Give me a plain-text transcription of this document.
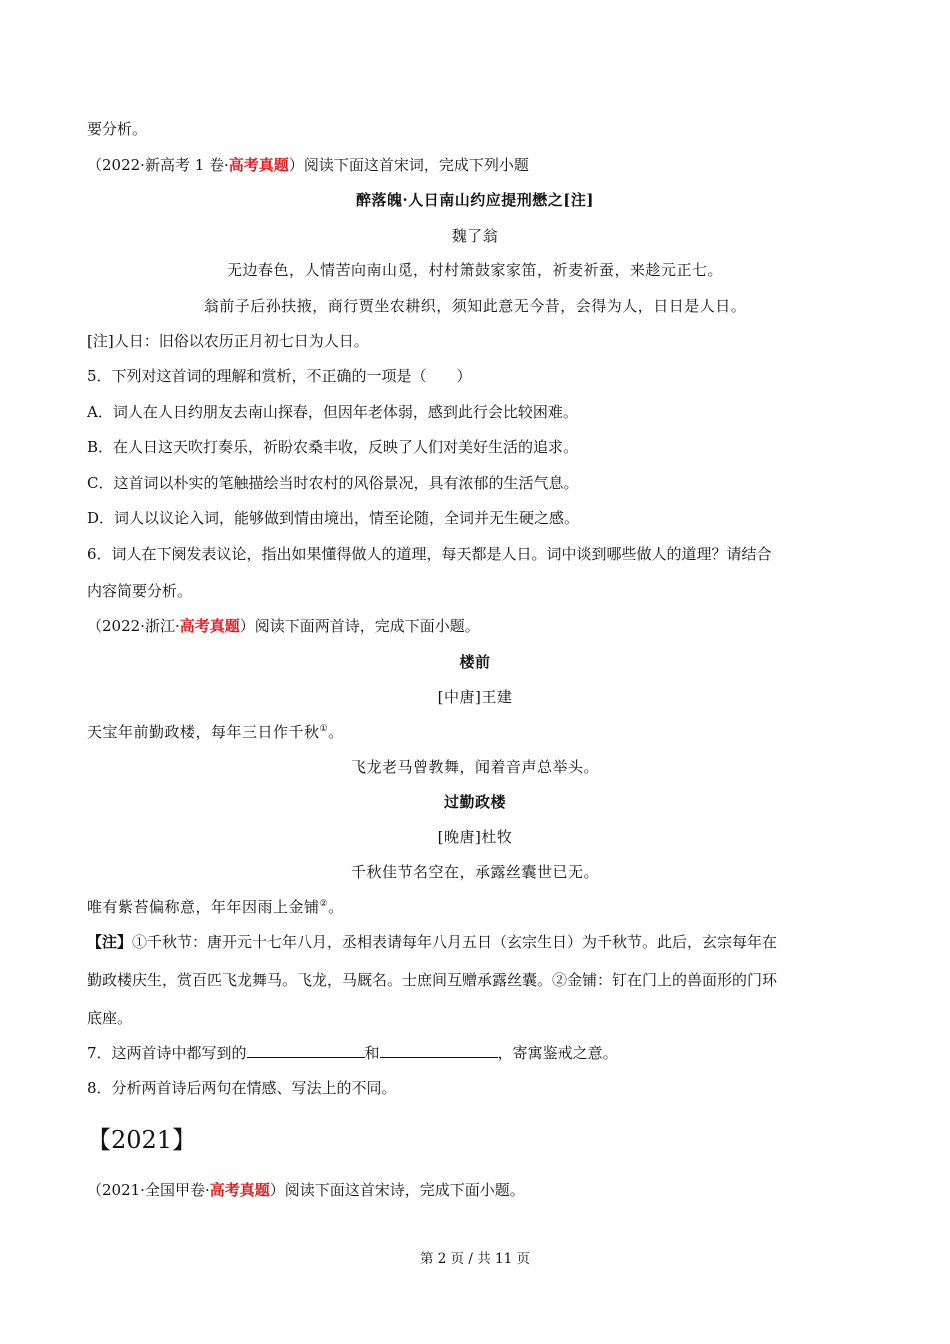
要分析。
（2022·新高考 1 卷·高考真题）阅读下面这首宋词，完成下列小题
醉落魄·人日南山约应提刑懋之[注]
魏了翁
无边春色，人情苦向南山觅，村村箫鼓家家笛，祈麦祈蚕，来趁元正七。
翁前子后孙扶掖，商行贾坐农耕织，须知此意无今昔，会得为人，日日是人日。
[注]人日：旧俗以农历正月初七日为人日。
5．下列对这首词的理解和赏析，不正确的一项是（　　）
A．词人在人日约朋友去南山探春，但因年老体弱，感到此行会比较困难。
B．在人日这天吹打奏乐，祈盼农桑丰收，反映了人们对美好生活的追求。
C．这首词以朴实的笔触描绘当时农村的风俗景况，具有浓郁的生活气息。
D．词人以议论入词，能够做到情由境出，情至论随，全词并无生硬之感。
6．词人在下阕发表议论，指出如果懂得做人的道理，每天都是人日。词中谈到哪些做人的道理？请结合
内容简要分析。
（2022·浙江·高考真题）阅读下面两首诗，完成下面小题。
楼前
[中唐]王建
天宝年前勤政楼，每年三日作千秋①。
飞龙老马曾教舞，闻着音声总举头。
过勤政楼
[晚唐]杜牧
千秋佳节名空在，承露丝囊世已无。
唯有紫苔偏称意，年年因雨上金铺②。
【注】①千秋节：唐开元十七年八月，丞相表请每年八月五日（玄宗生日）为千秋节。此后，玄宗每年在
勤政楼庆生，赏百匹飞龙舞马。飞龙，马厩名。士庶间互赠承露丝囊。②金铺：钉在门上的兽面形的门环
底座。
7．这两首诗中都写到的	和	，寄寓鉴戒之意。
8．分析两首诗后两句在情感、写法上的不同。
【2021】
（2021·全国甲卷·高考真题）阅读下面这首宋诗，完成下面小题。
第 2 页 / 共 11 页
